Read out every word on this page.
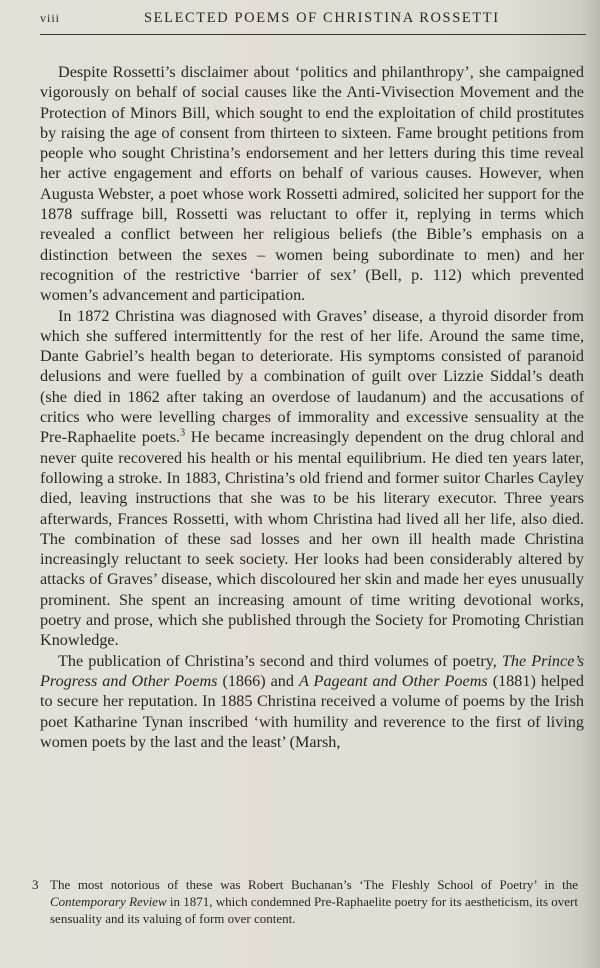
viii	SELECTED POEMS OF CHRISTINA ROSSETTI

Despite Rossetti’s disclaimer about ‘politics and philanthropy’, she campaigned vigorously on behalf of social causes like the Anti-Vivisection Movement and the Protection of Minors Bill, which sought to end the exploitation of child prostitutes by raising the age of consent from thirteen to sixteen. Fame brought petitions from people who sought Christina’s endorsement and her letters during this time reveal her active engagement and efforts on behalf of various causes. However, when Augusta Webster, a poet whose work Rossetti admired, solicited her support for the 1878 suffrage bill, Rossetti was reluctant to offer it, replying in terms which revealed a conflict between her religious beliefs (the Bible’s emphasis on a distinction between the sexes – women being subordinate to men) and her recognition of the restrictive ‘barrier of sex’ (Bell, p. 112) which prevented women’s advancement and participation.

In 1872 Christina was diagnosed with Graves’ disease, a thyroid disorder from which she suffered intermittently for the rest of her life. Around the same time, Dante Gabriel’s health began to deteriorate. His symptoms consisted of paranoid delusions and were fuelled by a combination of guilt over Lizzie Siddal’s death (she died in 1862 after taking an overdose of laudanum) and the accusations of critics who were levelling charges of immorality and excessive sensuality at the Pre-Raphaelite poets.$^3$ He became increasingly dependent on the drug chloral and never quite recovered his health or his mental equilibrium. He died ten years later, following a stroke. In 1883, Christina’s old friend and former suitor Charles Cayley died, leaving instructions that she was to be his literary executor. Three years afterwards, Frances Rossetti, with whom Christina had lived all her life, also died. The combination of these sad losses and her own ill health made Christina increasingly reluctant to seek society. Her looks had been considerably altered by attacks of Graves’ disease, which discoloured her skin and made her eyes unusually prominent. She spent an increasing amount of time writing devotional works, poetry and prose, which she published through the Society for Promoting Christian Knowledge.

The publication of Christina’s second and third volumes of poetry, The Prince’s Progress and Other Poems (1866) and A Pageant and Other Poems (1881) helped to secure her reputation. In 1885 Christina received a volume of poems by the Irish poet Katharine Tynan inscribed ‘with humility and reverence to the first of living women poets by the last and the least’ (Marsh,

3 The most notorious of these was Robert Buchanan’s ‘The Fleshly School of Poetry’ in the Contemporary Review in 1871, which condemned Pre-Raphaelite poetry for its aestheticism, its overt sensuality and its valuing of form over content.
